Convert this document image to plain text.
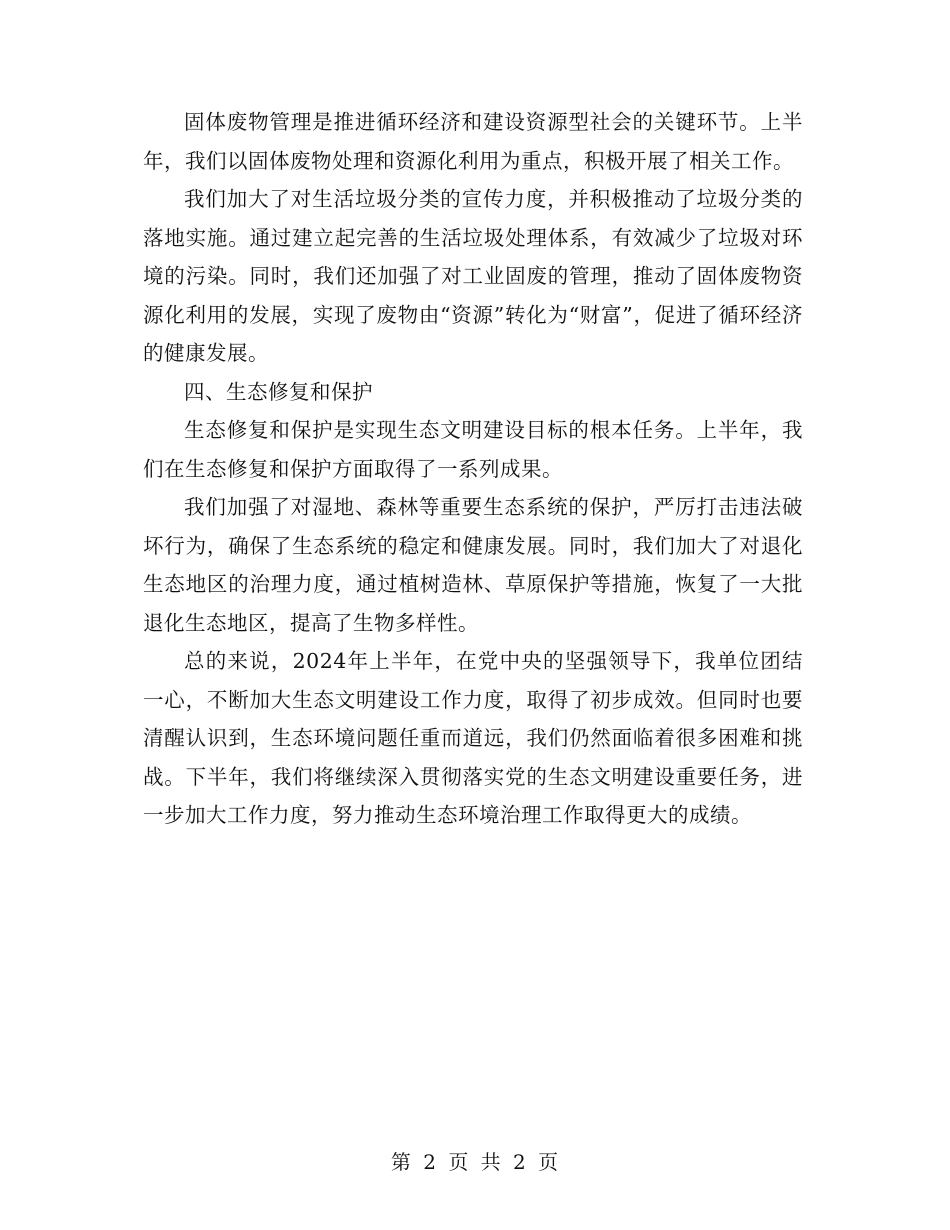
固体废物管理是推进循环经济和建设资源型社会的关键环节。上半年，我们以固体废物处理和资源化利用为重点，积极开展了相关工作。

我们加大了对生活垃圾分类的宣传力度，并积极推动了垃圾分类的落地实施。通过建立起完善的生活垃圾处理体系，有效减少了垃圾对环境的污染。同时，我们还加强了对工业固废的管理，推动了固体废物资源化利用的发展，实现了废物由“资源”转化为“财富”，促进了循环经济的健康发展。

四、生态修复和保护

生态修复和保护是实现生态文明建设目标的根本任务。上半年，我们在生态修复和保护方面取得了一系列成果。

我们加强了对湿地、森林等重要生态系统的保护，严厉打击违法破坏行为，确保了生态系统的稳定和健康发展。同时，我们加大了对退化生态地区的治理力度，通过植树造林、草原保护等措施，恢复了一大批退化生态地区，提高了生物多样性。

总的来说，2024年上半年，在党中央的坚强领导下，我单位团结一心，不断加大生态文明建设工作力度，取得了初步成效。但同时也要清醒认识到，生态环境问题任重而道远，我们仍然面临着很多困难和挑战。下半年，我们将继续深入贯彻落实党的生态文明建设重要任务，进一步加大工作力度，努力推动生态环境治理工作取得更大的成绩。

第 2 页 共 2 页
